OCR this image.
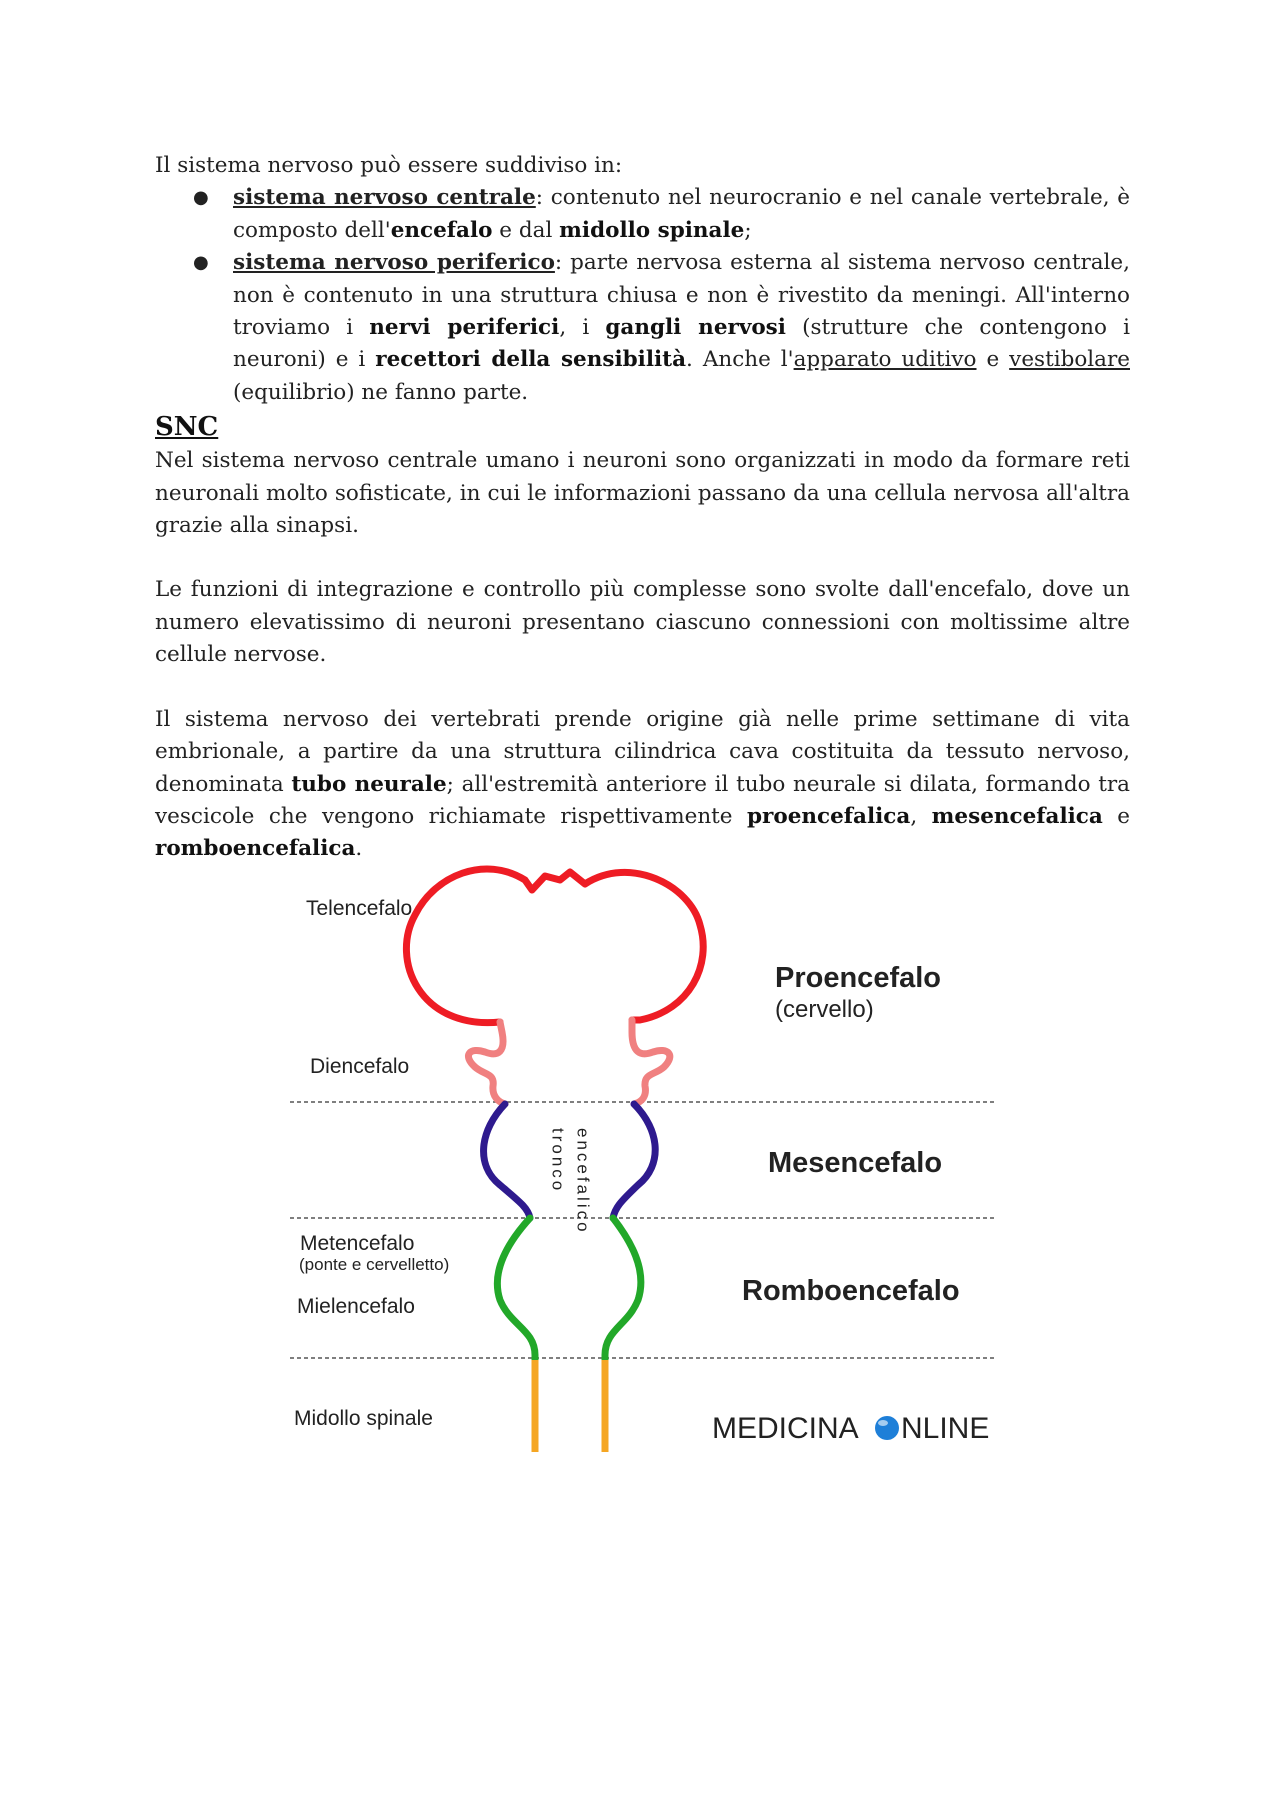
Il sistema nervoso può essere suddiviso in:

● sistema nervoso centrale: contenuto nel neurocranio e nel canale vertebrale, è composto dell'encefalo e dal midollo spinale;
● sistema nervoso periferico: parte nervosa esterna al sistema nervoso centrale, non è contenuto in una struttura chiusa e non è rivestito da meningi. All'interno troviamo i nervi periferici, i gangli nervosi (strutture che contengono i neuroni) e i recettori della sensibilità. Anche l'apparato uditivo e vestibolare (equilibrio) ne fanno parte.

SNC

Nel sistema nervoso centrale umano i neuroni sono organizzati in modo da formare reti neuronali molto sofisticate, in cui le informazioni passano da una cellula nervosa all'altra grazie alla sinapsi.

Le funzioni di integrazione e controllo più complesse sono svolte dall'encefalo, dove un numero elevatissimo di neuroni presentano ciascuno connessioni con moltissime altre cellule nervose.

Il sistema nervoso dei vertebrati prende origine già nelle prime settimane di vita embrionale, a partire da una struttura cilindrica cava costituita da tessuto nervoso, denominata tubo neurale; all'estremità anteriore il tubo neurale si dilata, formando tra vescicole che vengono richiamate rispettivamente proencefalica, mesencefalica e romboencefalica.

Telencefalo
Diencefalo
Metencefalo
(ponte e cervelletto)
Mielencefalo
Midollo spinale
Proencefalo
(cervello)
Mesencefalo
Romboencefalo
tronco encefalico
MEDICINA NLINE
